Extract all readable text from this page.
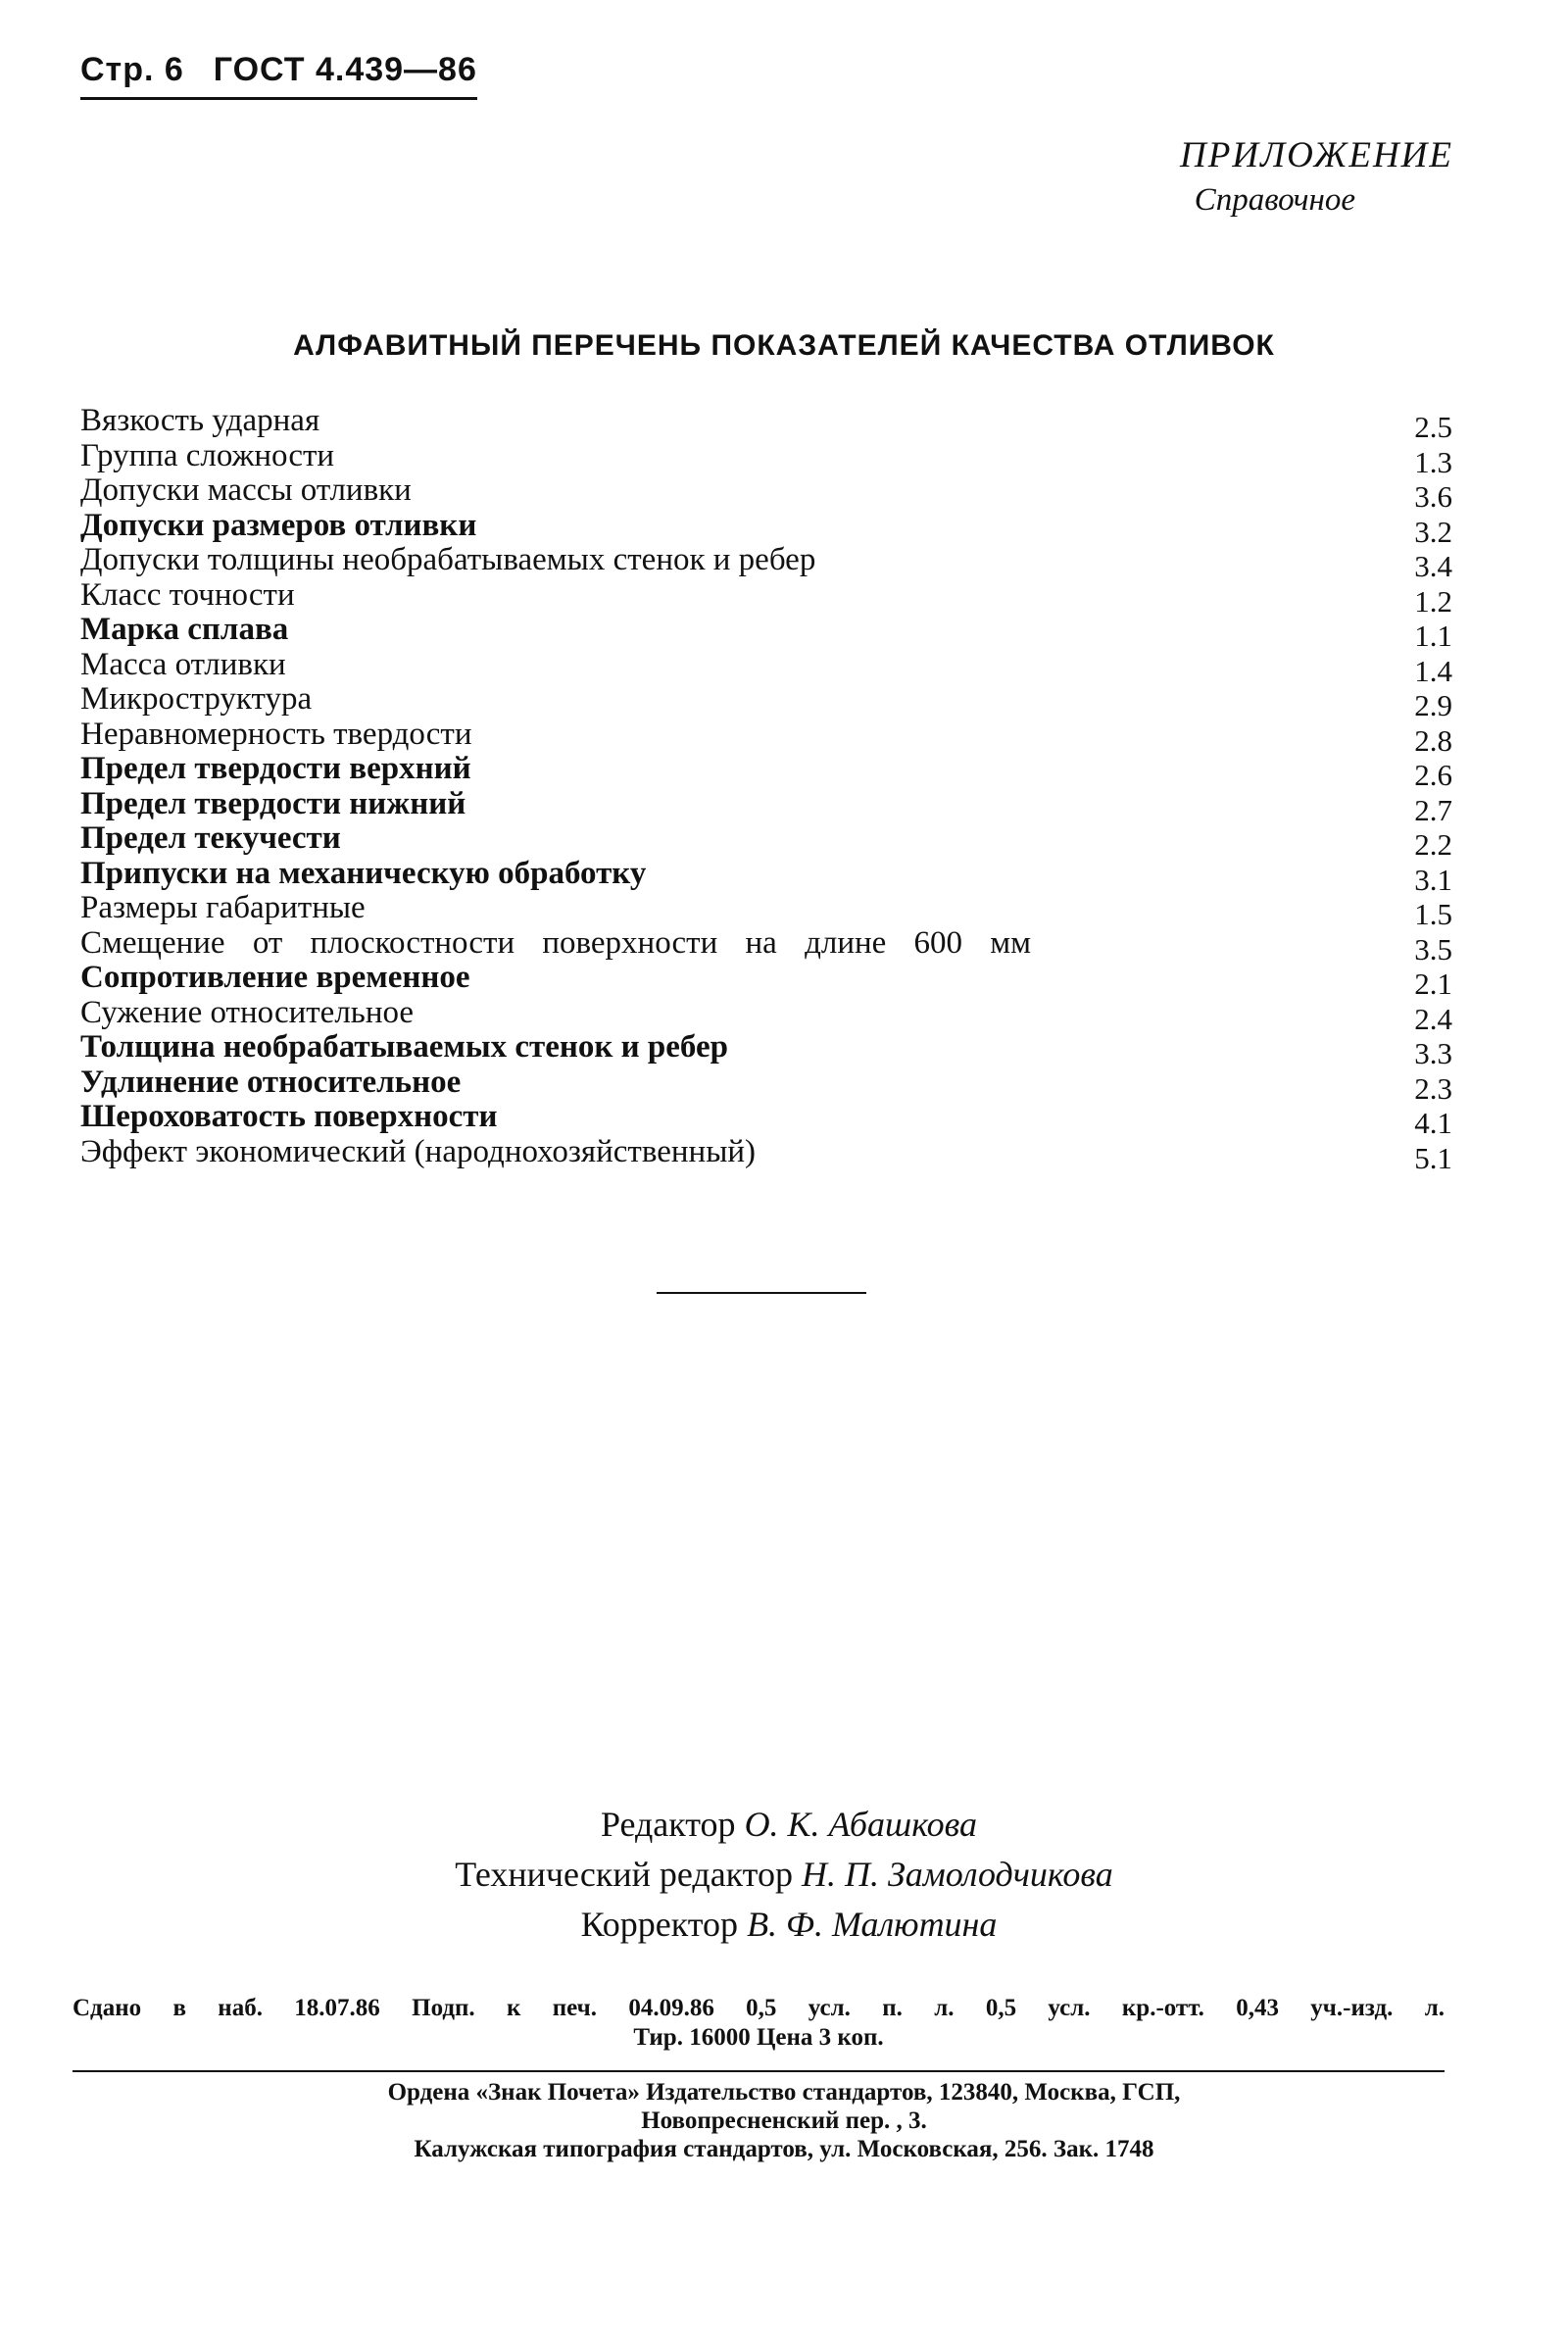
Стр. 6 ГОСТ 4.439—86
ПРИЛОЖЕНИЕ
Справочное
АЛФАВИТНЫЙ ПЕРЕЧЕНЬ ПОКАЗАТЕЛЕЙ КАЧЕСТВА ОТЛИВОК
Вязкость ударная	2.5
Группа сложности	1.3
Допуски массы отливки	3.6
Допуски размеров отливки	3.2
Допуски толщины необрабатываемых стенок и ребер	3.4
Класс точности	1.2
Марка сплава	1.1
Масса отливки	1.4
Микроструктура	2.9
Неравномерность твердости	2.8
Предел твердости верхний	2.6
Предел твердости нижний	2.7
Предел текучести	2.2
Припуски на механическую обработку	3.1
Размеры габаритные	1.5
Смещение от плоскостности поверхности на длине 600 мм	3.5
Сопротивление временное	2.1
Сужение относительное	2.4
Толщина необрабатываемых стенок и ребер	3.3
Удлинение относительное	2.3
Шероховатость поверхности	4.1
Эффект экономический (народнохозяйственный)	5.1
Редактор О. К. Абашкова
Технический редактор Н. П. Замолодчикова
Корректор В. Ф. Малютина
Сдано в наб. 18.07.86 Подп. к печ. 04.09.86 0,5 усл. п. л. 0,5 усл. кр.-отт. 0,43 уч.-изд. л.
Тир. 16000 Цена 3 коп.
Ордена «Знак Почета» Издательство стандартов, 123840, Москва, ГСП,
Новопресненский пер. , 3.
Калужская типография стандартов, ул. Московская, 256. Зак. 1748
